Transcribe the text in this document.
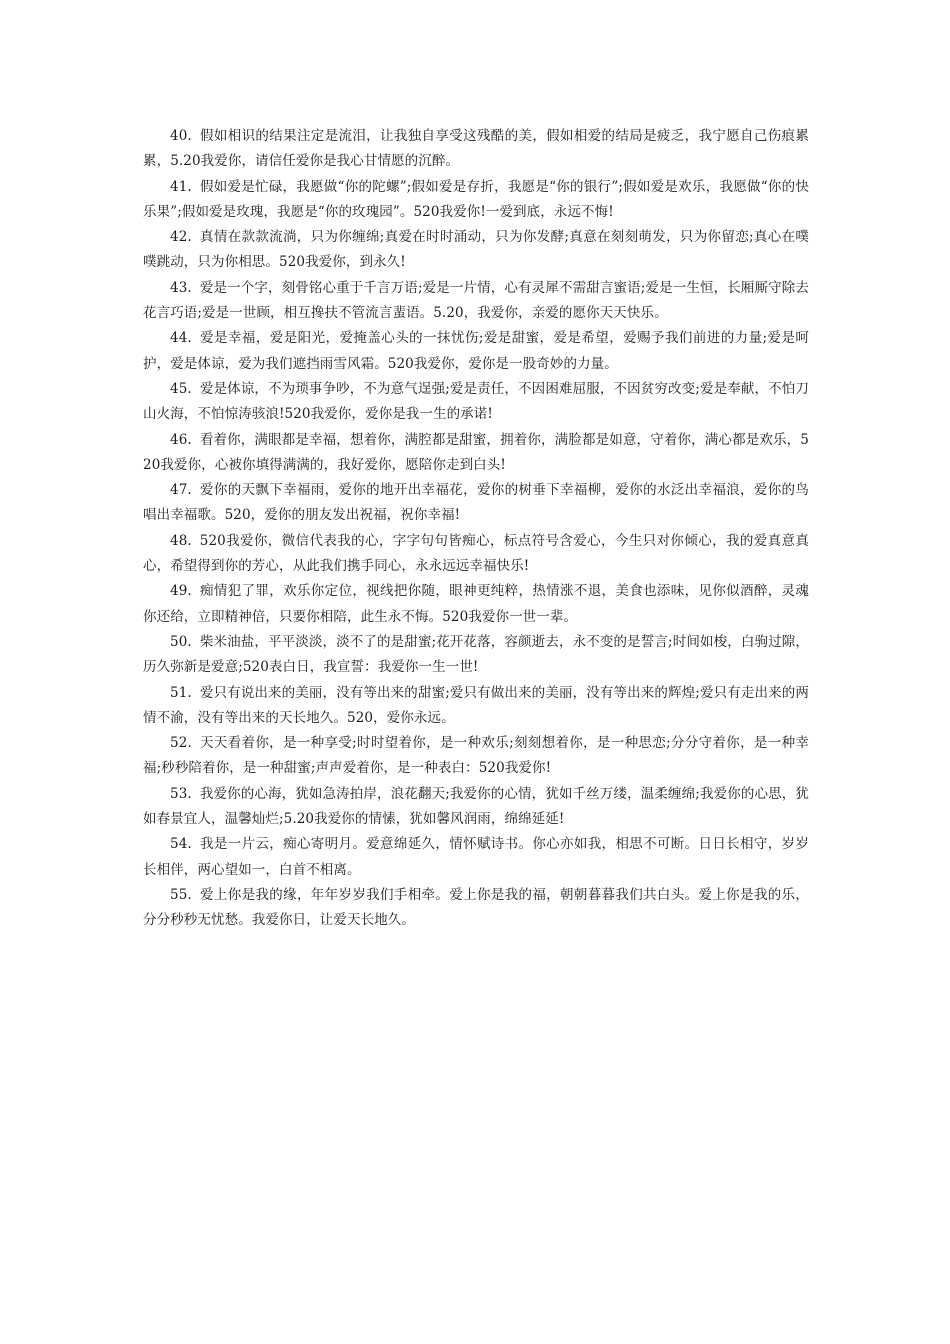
40. 假如相识的结果注定是流泪，让我独自享受这残酷的美，假如相爱的结局是疲乏，我宁愿自己伤痕累累，5.20我爱你，请信任爱你是我心甘情愿的沉醉。

41. 假如爱是忙碌，我愿做“你的陀螺”;假如爱是存折，我愿是“你的银行”;假如爱是欢乐，我愿做“你的快乐果”;假如爱是玫瑰，我愿是“你的玫瑰园”。520我爱你!一爱到底，永远不悔!

42. 真情在款款流淌，只为你缠绵;真爱在时时涌动，只为你发酵;真意在刻刻萌发，只为你留恋;真心在噗噗跳动，只为你相思。520我爱你，到永久!

43. 爱是一个字，刻骨铭心重于千言万语;爱是一片情，心有灵犀不需甜言蜜语;爱是一生恒，长厢厮守除去花言巧语;爱是一世顾，相互搀扶不管流言蜚语。5.20，我爱你，亲爱的愿你天天快乐。

44. 爱是幸福，爱是阳光，爱掩盖心头的一抹忧伤;爱是甜蜜，爱是希望，爱赐予我们前进的力量;爱是呵护，爱是体谅，爱为我们遮挡雨雪风霜。520我爱你，爱你是一股奇妙的力量。

45. 爱是体谅，不为琐事争吵，不为意气逞强;爱是责任，不因困难屈服，不因贫穷改变;爱是奉献，不怕刀山火海，不怕惊涛骇浪!520我爱你，爱你是我一生的承诺!

46. 看着你，满眼都是幸福，想着你，满腔都是甜蜜，拥着你，满脸都是如意，守着你，满心都是欢乐，520我爱你，心被你填得满满的，我好爱你，愿陪你走到白头!

47. 爱你的天飘下幸福雨，爱你的地开出幸福花，爱你的树垂下幸福柳，爱你的水泛出幸福浪，爱你的鸟唱出幸福歌。520，爱你的朋友发出祝福，祝你幸福!

48. 520我爱你，微信代表我的心，字字句句皆痴心，标点符号含爱心，今生只对你倾心，我的爱真意真心，希望得到你的芳心，从此我们携手同心，永永远远幸福快乐!

49. 痴情犯了罪，欢乐你定位，视线把你随，眼神更纯粹，热情涨不退，美食也添味，见你似酒醉，灵魂你还给，立即精神倍，只要你相陪，此生永不悔。520我爱你一世一辈。

50. 柴米油盐，平平淡淡，淡不了的是甜蜜;花开花落，容颜逝去，永不变的是誓言;时间如梭，白驹过隙，历久弥新是爱意;520表白日，我宣誓：我爱你一生一世!

51. 爱只有说出来的美丽，没有等出来的甜蜜;爱只有做出来的美丽，没有等出来的辉煌;爱只有走出来的两情不渝，没有等出来的天长地久。520，爱你永远。

52. 天天看着你，是一种享受;时时望着你，是一种欢乐;刻刻想着你，是一种思恋;分分守着你，是一种幸福;秒秒陪着你，是一种甜蜜;声声爱着你，是一种表白：520我爱你!

53. 我爱你的心海，犹如急涛拍岸，浪花翻天;我爱你的心情，犹如千丝万缕，温柔缠绵;我爱你的心思，犹如春景宜人，温馨灿烂;5.20我爱你的情愫，犹如馨风润雨，绵绵延延!

54. 我是一片云，痴心寄明月。爱意绵延久，情怀赋诗书。你心亦如我，相思不可断。日日长相守，岁岁长相伴，两心望如一，白首不相离。

55. 爱上你是我的缘，年年岁岁我们手相牵。爱上你是我的福，朝朝暮暮我们共白头。爱上你是我的乐，分分秒秒无忧愁。我爱你日，让爱天长地久。
